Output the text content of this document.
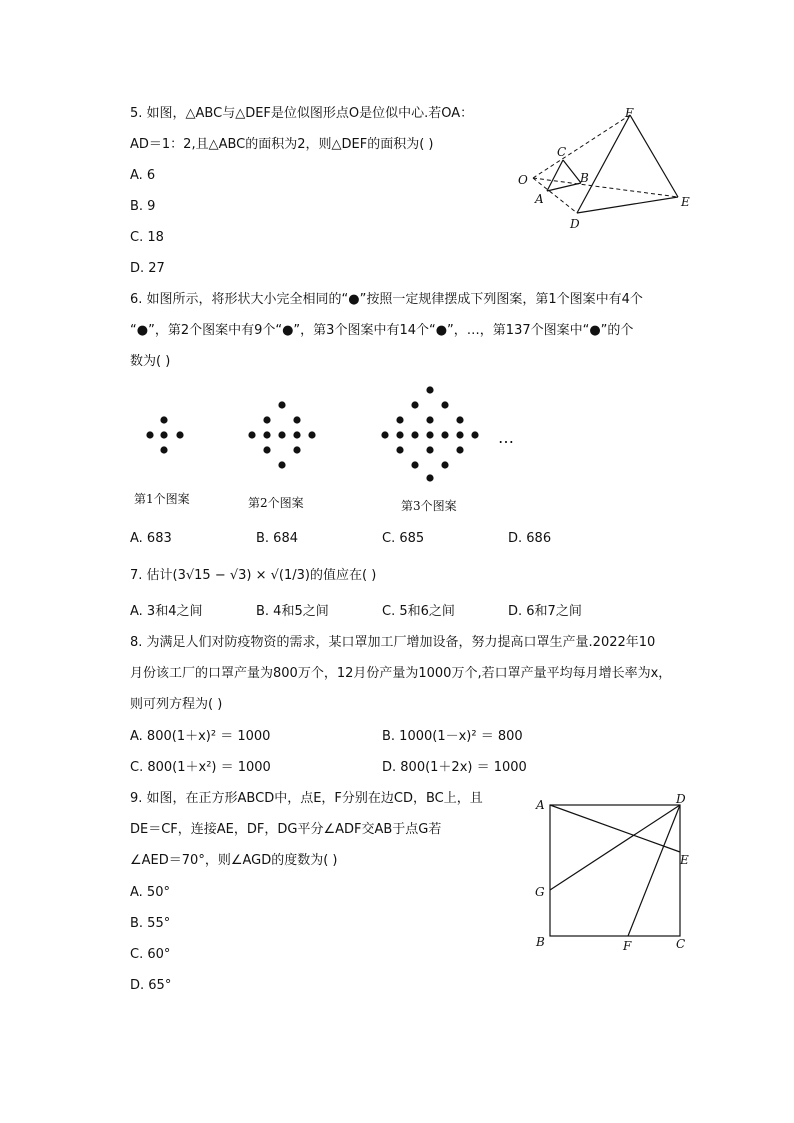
5. 如图，△ABC与△DEF是位似图形点O是位似中心.若OA：
AD＝1：2,且△ABC的面积为2，则△DEF的面积为( )
A. 6
B. 9
C. 18
D. 27
F
C
O	B
A	E
D
6. 如图所示，将形状大小完全相同的“●”按照一定规律摆成下列图案，第1个图案中有4个
“●”，第2个图案中有9个“●”，第3个图案中有14个“●”，…，第137个图案中“●”的个
数为( )
…
第1个图案	第2个图案	第3个图案
A. 683	B. 684	C. 685	D. 686
7. 估计(3√15 − √3) × √(1/3)的值应在( )
A. 3和4之间	B. 4和5之间	C. 5和6之间	D. 6和7之间
8. 为满足人们对防疫物资的需求，某口罩加工厂增加设备，努力提高口罩生产量.2022年10
月份该工厂的口罩产量为800万个，12月份产量为1000万个,若口罩产量平均每月增长率为x，
则可列方程为( )
A. 800(1＋x)² ＝ 1000	B. 1000(1－x)² ＝ 800
C. 800(1＋x²) ＝ 1000	D. 800(1＋2x) ＝ 1000
9. 如图，在正方形ABCD中，点E，F分别在边CD，BC上，且
DE＝CF，连接AE，DF，DG平分∠ADF交AB于点G若
∠AED＝70°，则∠AGD的度数为( )
A. 50°
B. 55°
C. 60°
D. 65°
A	D
E
G
B	F	C
